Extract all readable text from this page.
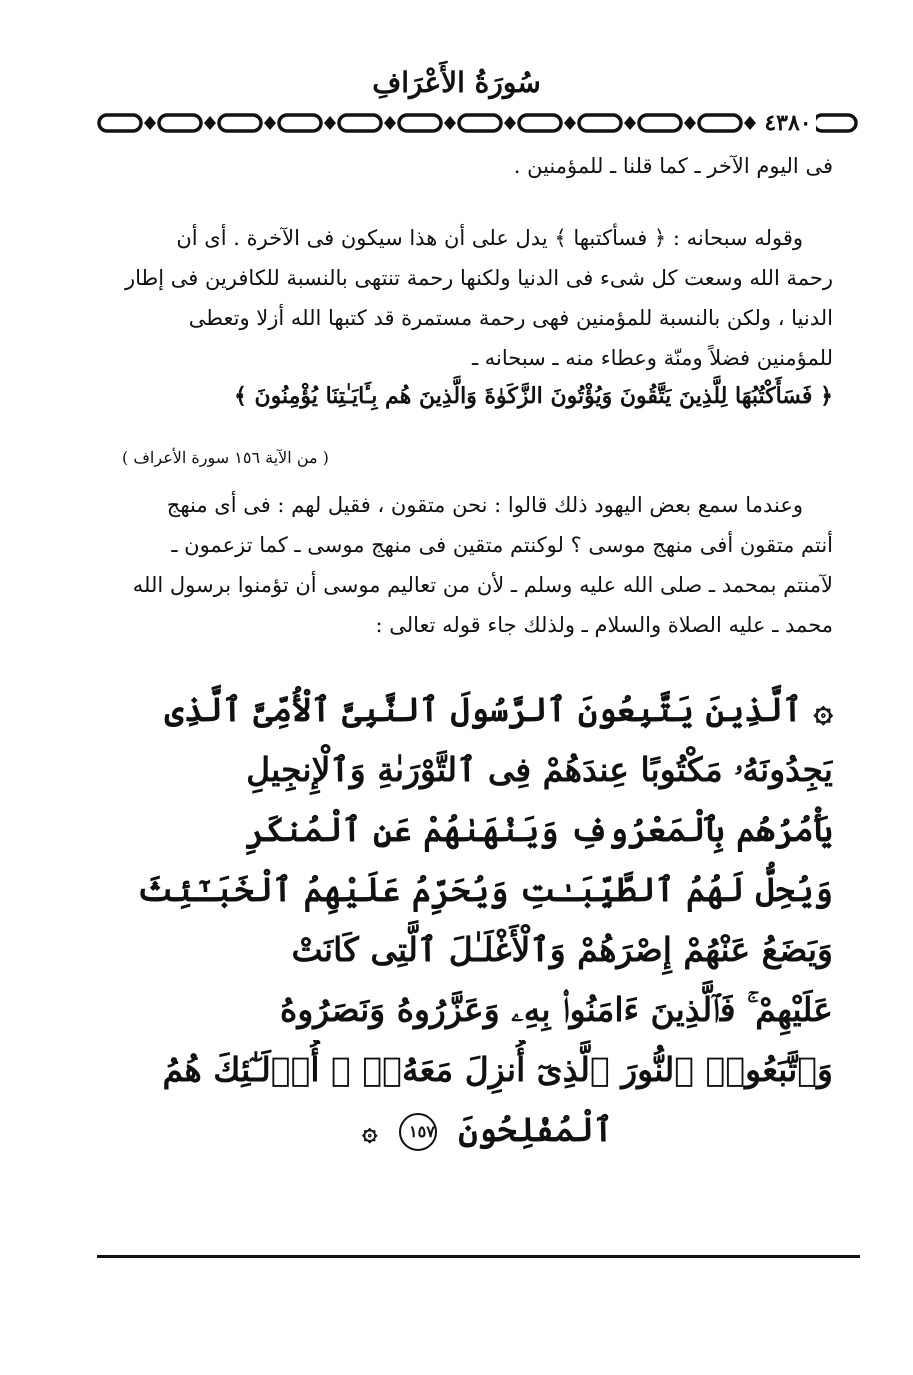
سُورَةُ الأَعْرَافِ
٤٣٨٠
فى اليوم الآخر ـ كما قلنا ـ للمؤمنين .
وقوله سبحانه : ﴿ فسأكتبها ﴾ يدل على أن هذا سيكون فى الآخرة . أى أن
رحمة الله وسعت كل شىء فى الدنيا ولكنها رحمة تنتهى بالنسبة للكافرين فى إطار
الدنيا ، ولكن بالنسبة للمؤمنين فهى رحمة مستمرة قد كتبها الله أزلا وتعطى
للمؤمنين فضلاً ومنّة وعطاء منه ـ سبحانه ـ
﴿ فَسَأَكْتُبُهَا لِلَّذِينَ يَتَّقُونَ وَيُؤْتُونَ الزَّكَوٰةَ وَالَّذِينَ هُم بِـَٔايَـٰتِنَا يُؤْمِنُونَ ﴾
( من الآية ١٥٦ سورة الأعراف )
وعندما سمع بعض اليهود ذلك قالوا : نحن متقون ، فقيل لهم : فى أى منهج
أنتم متقون أفى منهج موسى ؟ لوكنتم متقين فى منهج موسى ـ كما تزعمون ـ
لآمنتم بمحمد ـ صلى الله عليه وسلم ـ لأن من تعاليم موسى أن تؤمنوا برسول الله
محمد ـ عليه الصلاة والسلام ـ ولذلك جاء قوله تعالى :
۞ ٱلَّذِينَ يَتَّبِعُونَ ٱلرَّسُولَ ٱلنَّبِىَّ ٱلْأُمِّىَّ ٱلَّذِى
يَجِدُونَهُۥ مَكْتُوبًا عِندَهُمْ فِى ٱلتَّوْرَىٰةِ وَٱلْإِنجِيلِ
يَأْمُرُهُم بِٱلْمَعْرُوفِ وَيَنْهَىٰهُمْ عَنِ ٱلْمُنكَرِ
وَيُحِلُّ لَهُمُ ٱلطَّيِّبَـٰتِ وَيُحَرِّمُ عَلَيْهِمُ ٱلْخَبَـٰٓئِثَ
وَيَضَعُ عَنْهُمْ إِصْرَهُمْ وَٱلْأَغْلَـٰلَ ٱلَّتِى كَانَتْ
عَلَيْهِمْ ۚ فَٱلَّذِينَ ءَامَنُوا۟ بِهِۦ وَعَزَّرُوهُ وَنَصَرُوهُ
وَٱتَّبَعُوا۟ ٱلنُّورَ ٱلَّذِىٓ أُنزِلَ مَعَهُۥٓ ۙ أُو۟لَـٰٓئِكَ هُمُ
ٱلْمُفْلِحُونَ ١٥٧ ۞
